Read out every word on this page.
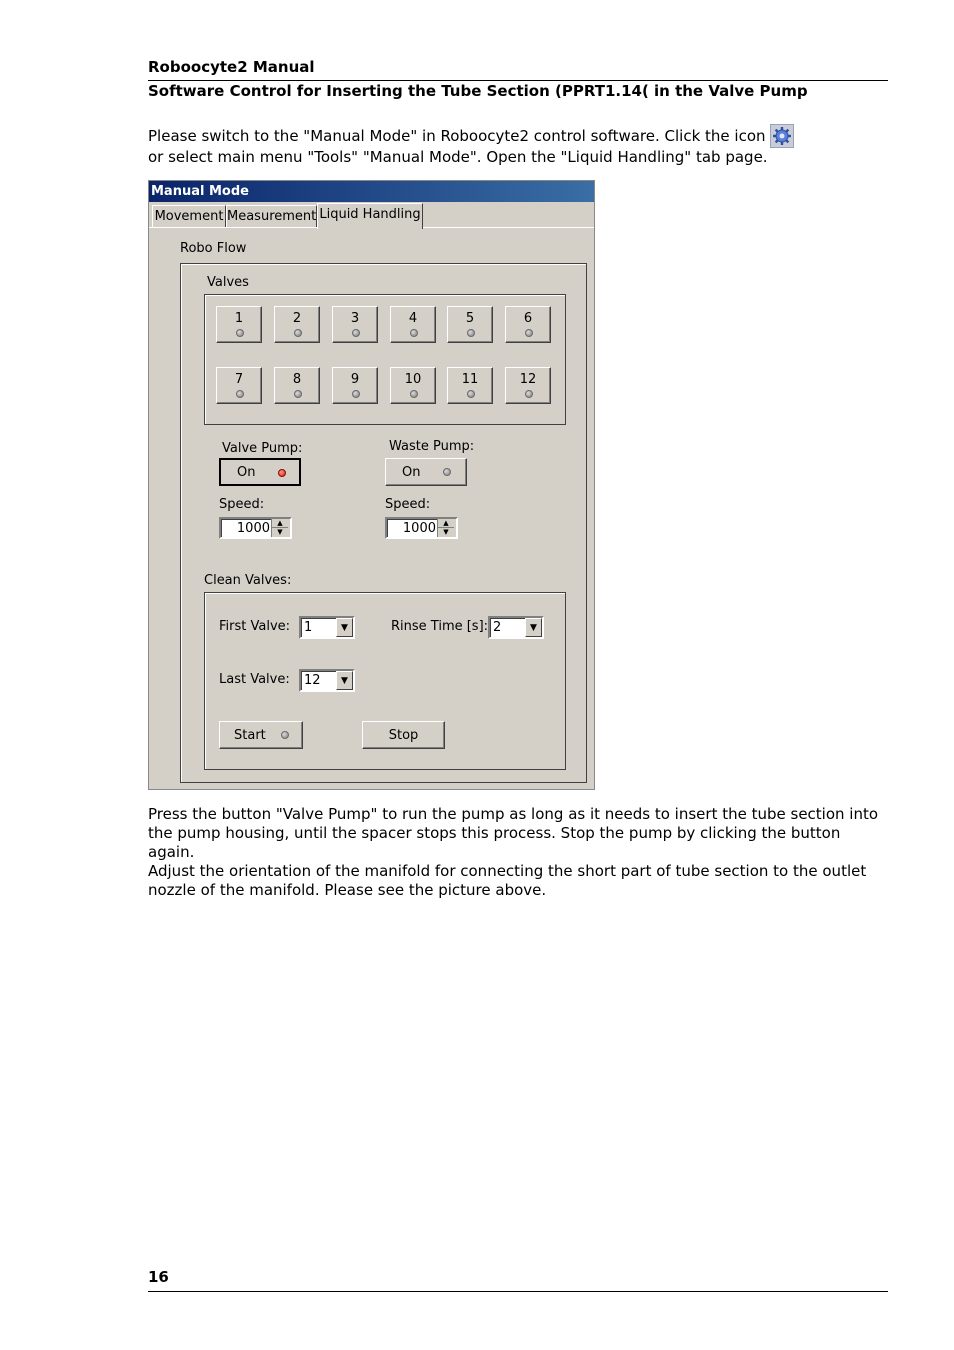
Roboocyte2 Manual
Software Control for Inserting the Tube Section (PPRT1.14( in the Valve Pump
Please switch to the "Manual Mode" in Roboocyte2 control software. Click the icon
or select main menu "Tools" "Manual Mode". Open the "Liquid Handling" tab page.
Manual Mode
Movement Measurement Liquid Handling
Robo Flow
Valves
1	2	3	4	5	6
7	8	9	10	11	12
Valve Pump:
On
Waste Pump:
On
Speed:
1000	▲
▼
Speed:
1000	▲
▼
Clean Valves:
First Valve: 1	▼	Rinse Time [s]: 2	▼
Last Valve: 12	▼
Start	Stop
Press the button "Valve Pump" to run the pump as long as it needs to insert the tube section into
the pump housing, until the spacer stops this process. Stop the pump by clicking the button again.
Adjust the orientation of the manifold for connecting the short part of tube section to the outlet
nozzle of the manifold. Please see the picture above.
16
